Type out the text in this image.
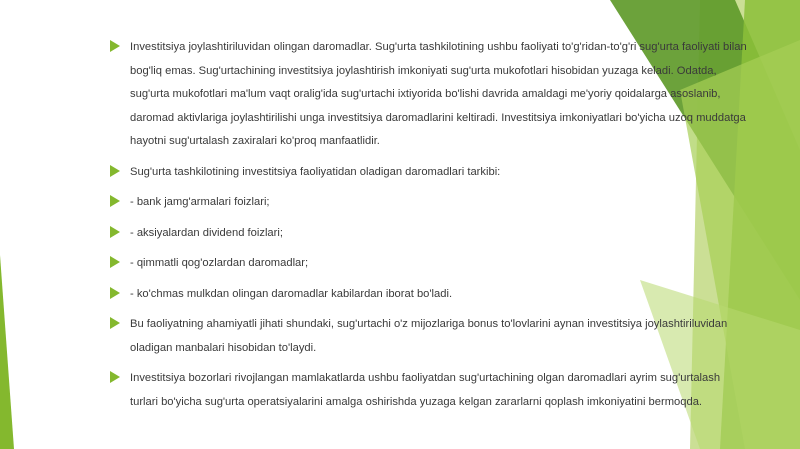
Investitsiya joylashtiriluvidan olingan daromadlar. Sug'urta tashkilotining ushbu faoliyati to'g'ridan-to'g'ri sug'urta faoliyati bilan bog'liq emas. Sug'urtachining investitsiya joylashtirish imkoniyati sug'urta mukofotlari hisobidan yuzaga keladi. Odatda, sug'urta mukofotlari ma'lum vaqt oralig'ida sug'urtachi ixtiyorida bo'lishi davrida amaldagi me'yoriy qoidalarga asoslanib, daromad aktivlariga joylashtirilishi unga investitsiya daromadlarini keltiradi. Investitsiya imkoniyatlari bo'yicha uzoq muddatga hayotni sug'urtalash zaxiralari ko'proq manfaatlidir.
Sug'urta tashkilotining investitsiya faoliyatidan oladigan daromadlari tarkibi:
- bank jamg'armalari foizlari;
- aksiyalardan dividend foizlari;
- qimmatli qog'ozlardan daromadlar;
- ko'chmas mulkdan olingan daromadlar kabilardan iborat bo'ladi.
Bu faoliyatning ahamiyatli jihati shundaki, sug'urtachi o'z mijozlariga bonus to'lovlarini aynan investitsiya joylashtiriluvidan oladigan manbalari hisobidan to'laydi.
Investitsiya bozorlari rivojlangan mamlakatlarda ushbu faoliyatdan sug'urtachining olgan daromadlari ayrim sug'urtalash turlari bo'yicha sug'urta operatsiyalarini amalga oshirishda yuzaga kelgan zararlarni qoplash imkoniyatini bermoqda.
